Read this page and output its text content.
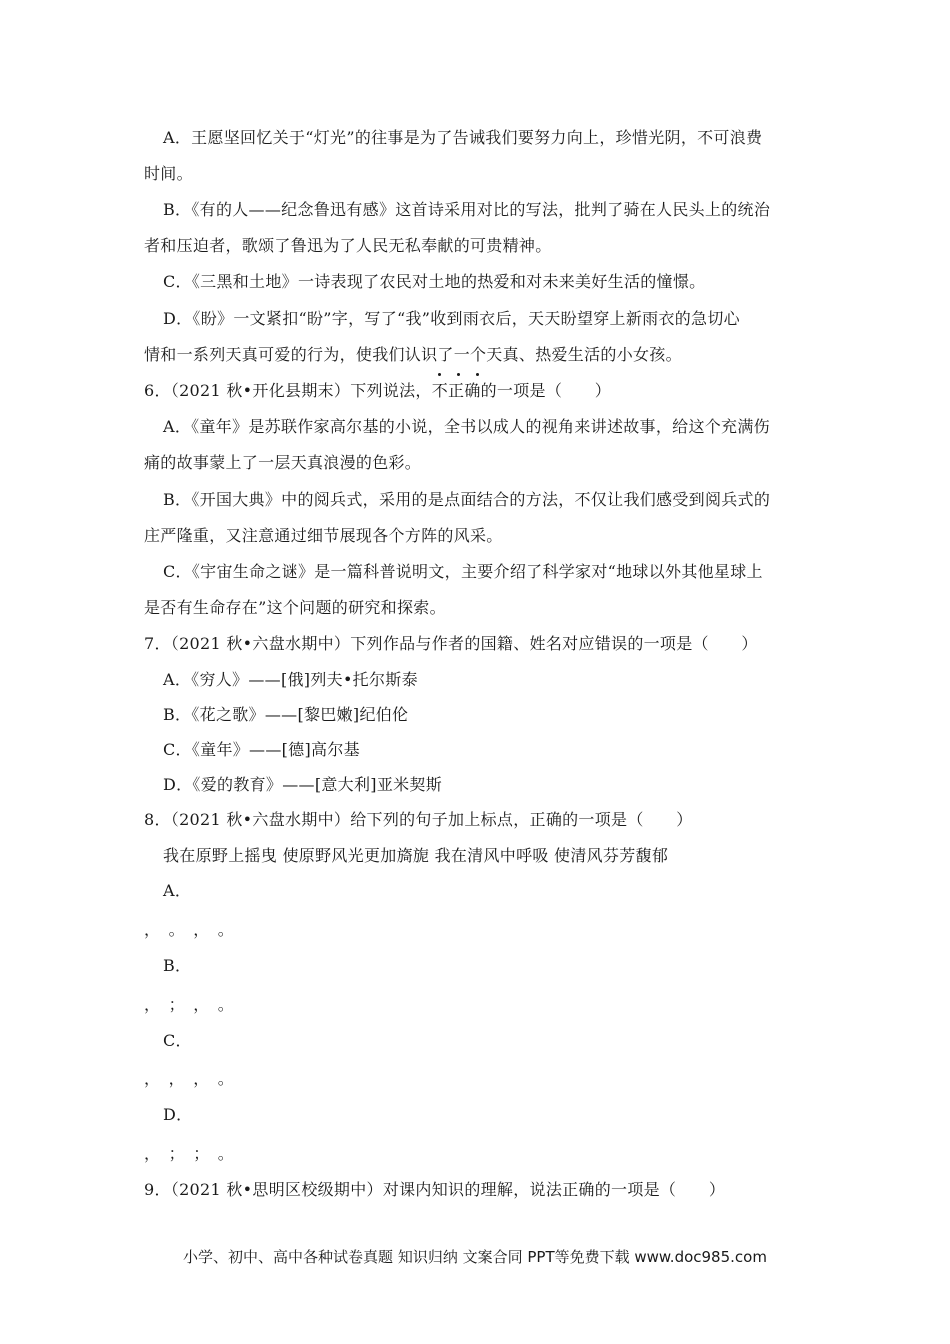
A．王愿坚回忆关于“灯光”的往事是为了告诫我们要努力向上，珍惜光阴，不可浪费
时间。
B．《有的人——纪念鲁迅有感》这首诗采用对比的写法，批判了骑在人民头上的统治
者和压迫者，歌颂了鲁迅为了人民无私奉献的可贵精神。
C．《三黑和土地》一诗表现了农民对土地的热爱和对未来美好生活的憧憬。
D．《盼》一文紧扣“盼”字，写了“我”收到雨衣后，天天盼望穿上新雨衣的急切心
情和一系列天真可爱的行为，使我们认识了一个天真、热爱生活的小女孩。
6．（2021 秋•开化县期末）下列说法，不正确的一项是（　　）
A．《童年》是苏联作家高尔基的小说，全书以成人的视角来讲述故事，给这个充满伤
痛的故事蒙上了一层天真浪漫的色彩。
B．《开国大典》中的阅兵式，采用的是点面结合的方法，不仅让我们感受到阅兵式的
庄严隆重，又注意通过细节展现各个方阵的风采。
C．《宇宙生命之谜》是一篇科普说明文，主要介绍了科学家对“地球以外其他星球上
是否有生命存在”这个问题的研究和探索。
7．（2021 秋•六盘水期中）下列作品与作者的国籍、姓名对应错误的一项是（　　）
A．《穷人》——[俄]列夫•托尔斯泰
B．《花之歌》——[黎巴嫩]纪伯伦
C．《童年》——[德]高尔基
D．《爱的教育》——[意大利]亚米契斯
8．（2021 秋•六盘水期中）给下列的句子加上标点，正确的一项是（　　）
我在原野上摇曳 使原野风光更加旖旎 我在清风中呼吸 使清风芬芳馥郁
A．
，　。　，　。
B．
，　；　，　。
C．
，　，　，　。
D．
，　；　；　。
9．（2021 秋•思明区校级期中）对课内知识的理解，说法正确的一项是（　　）
小学、初中、高中各种试卷真题 知识归纳 文案合同 PPT等免费下载 www.doc985.com
